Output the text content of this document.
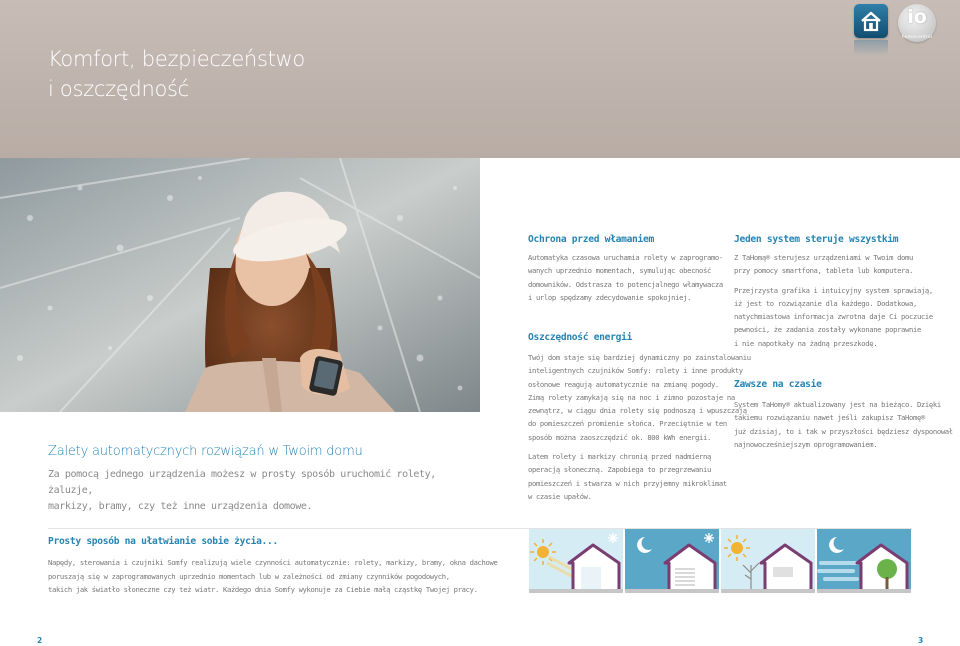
Komfort, bezpieczeństwo
i oszczędność
io
homecontrol
Zalety automatycznych rozwiązań w Twoim domu

Za pomocą jednego urządzenia możesz w prosty sposób uruchomić rolety, żaluzje,
markizy, bramy, czy też inne urządzenia domowe.

Ochrona przed włamaniem

Automatyka czasowa uruchamia rolety w zaprogramo-
wanych uprzednio momentach, symulując obecność
domowników. Odstrasza to potencjalnego włamywacza
i urlop spędzamy zdecydowanie spokojniej.

Oszczędność energii

Twój dom staje się bardziej dynamiczny po zainstalowaniu
inteligentnych czujników Somfy: rolety i inne produkty
osłonowe reagują automatycznie na zmianę pogody.
Zimą rolety zamykają się na noc i zimno pozostaje na
zewnątrz, w ciągu dnia rolety się podnoszą i wpuszczają
do pomieszczeń promienie słońca. Przeciętnie w ten
sposób można zaoszczędzić ok. 800 kWh energii.

Latem rolety i markizy chronią przed nadmierną
operacją słoneczną. Zapobiega to przegrzewaniu
pomieszczeń i stwarza w nich przyjemny mikroklimat
w czasie upałów.

Jeden system steruje wszystkim

Z TaHomą® sterujesz urządzeniami w Twoim domu
przy pomocy smartfona, tableta lub komputera.

Przejrzysta grafika i intuicyjny system sprawiają,
iż jest to rozwiązanie dla każdego. Dodatkowa,
natychmiastowa informacja zwrotna daje Ci poczucie
pewności, że zadania zostały wykonane poprawnie
i nie napotkały na żadną przeszkodę.

Zawsze na czasie

System TaHomy® aktualizowany jest na bieżąco. Dzięki
takiemu rozwiązaniu nawet jeśli zakupisz TaHomę®
już dzisiaj, to i tak w przyszłości będziesz dysponował
najnowocześniejszym oprogramowaniem.

Prosty sposób na ułatwianie sobie życia...

Napędy, sterowania i czujniki Somfy realizują wiele czynności automatycznie: rolety, markizy, bramy, okna dachowe
poruszają się w zaprogramowanych uprzednio momentach lub w zależności od zmiany czynników pogodowych,
takich jak światło słoneczne czy też wiatr. Każdego dnia Somfy wykonuje za Ciebie małą cząstkę Twojej pracy.

2	3
